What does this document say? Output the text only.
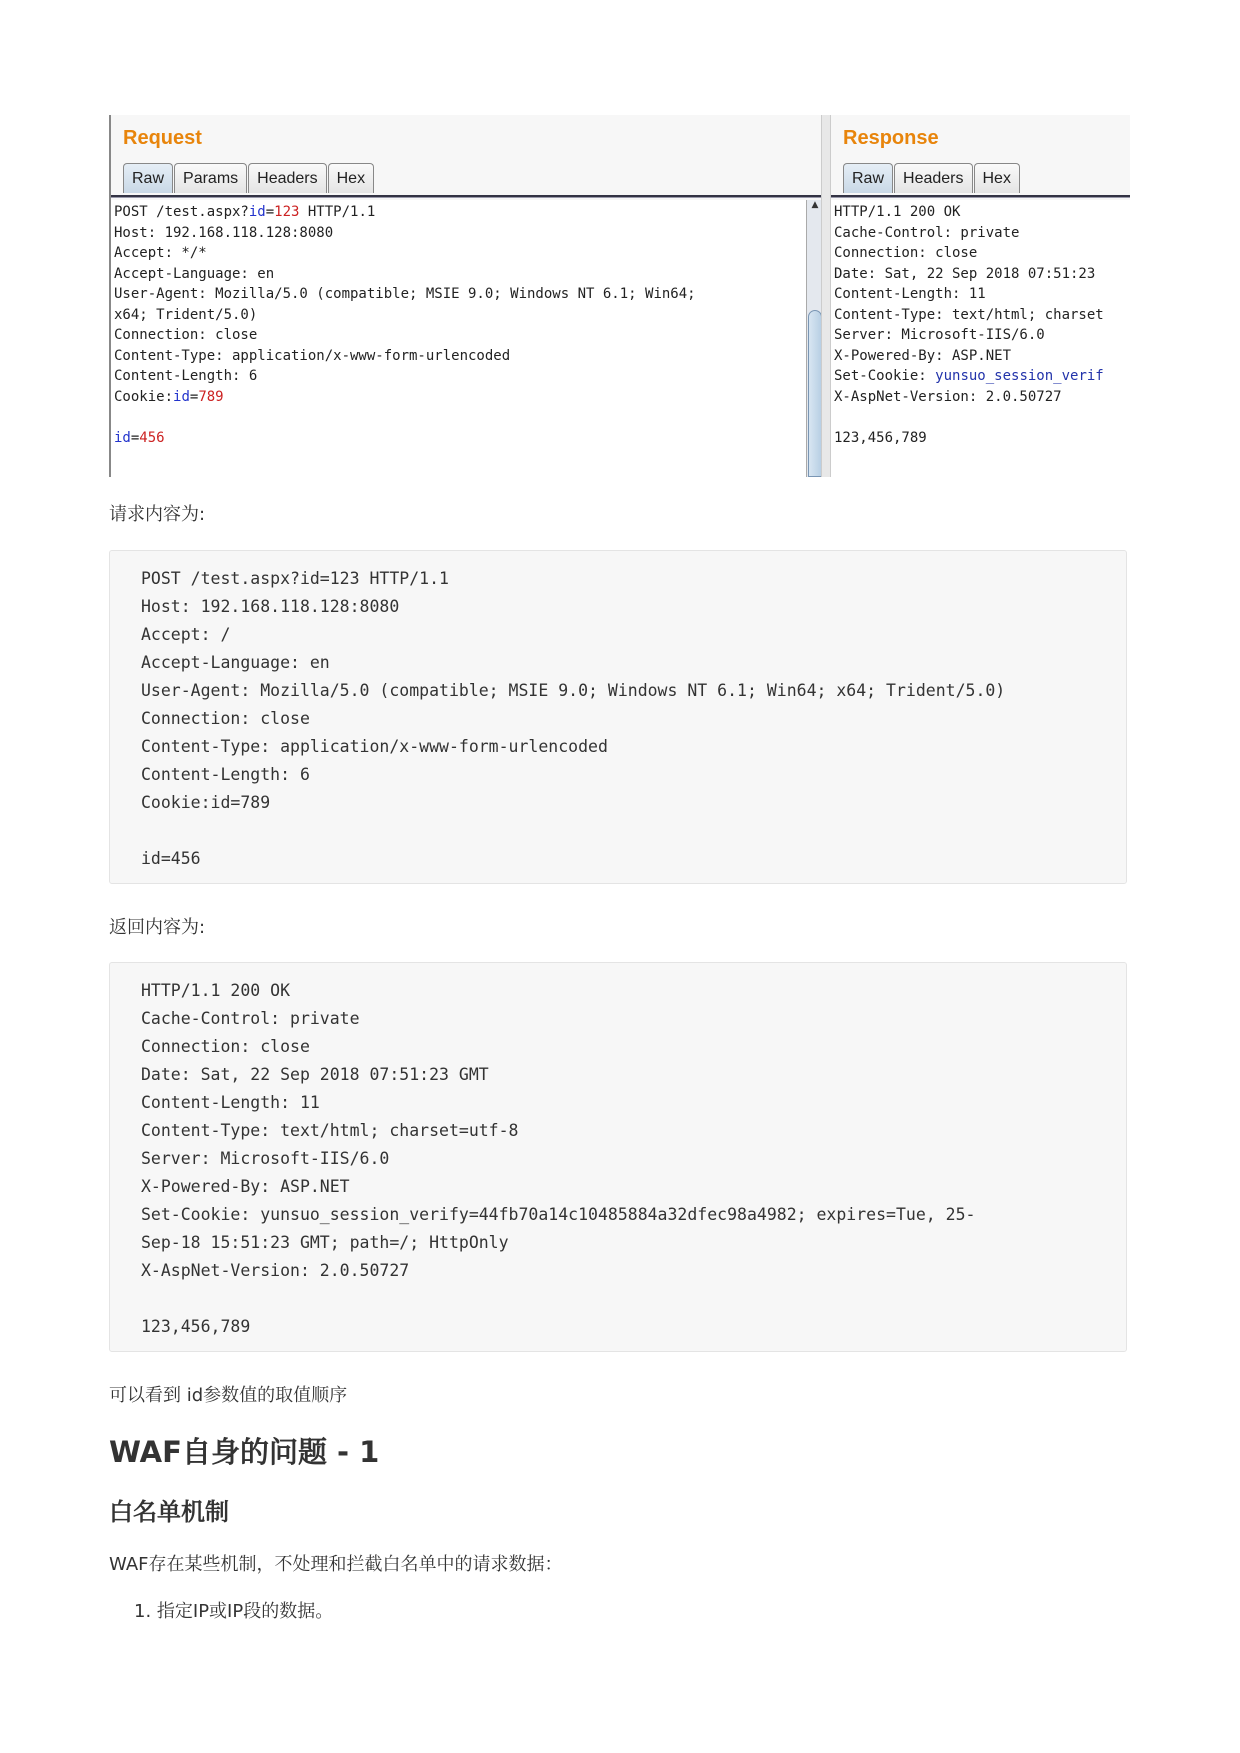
Request
Raw	Params	Headers	Hex
POST /test.aspx?id=123 HTTP/1.1
Host: 192.168.118.128:8080
Accept: */*
Accept-Language: en
User-Agent: Mozilla/5.0 (compatible; MSIE 9.0; Windows NT 6.1; Win64;
x64; Trident/5.0)
Connection: close
Content-Type: application/x-www-form-urlencoded
Content-Length: 6
Cookie:id=789
id=456
▲
Response
Raw	Headers	Hex
HTTP/1.1 200 OK
Cache-Control: private
Connection: close
Date: Sat, 22 Sep 2018 07:51:23
Content-Length: 11
Content-Type: text/html; charset
Server: Microsoft-IIS/6.0
X-Powered-By: ASP.NET
Set-Cookie: yunsuo_session_verif
X-AspNet-Version: 2.0.50727
123,456,789
请求内容为:
POST /test.aspx?id=123 HTTP/1.1
Host: 192.168.118.128:8080
Accept: /
Accept-Language: en
User-Agent: Mozilla/5.0 (compatible; MSIE 9.0; Windows NT 6.1; Win64; x64; Trident/5.0)
Connection: close
Content-Type: application/x-www-form-urlencoded
Content-Length: 6
Cookie:id=789
id=456
返回内容为:
HTTP/1.1 200 OK
Cache-Control: private
Connection: close
Date: Sat, 22 Sep 2018 07:51:23 GMT
Content-Length: 11
Content-Type: text/html; charset=utf-8
Server: Microsoft-IIS/6.0
X-Powered-By: ASP.NET
Set-Cookie: yunsuo_session_verify=44fb70a14c10485884a32dfec98a4982; expires=Tue, 25-
Sep-18 15:51:23 GMT; path=/; HttpOnly
X-AspNet-Version: 2.0.50727
123,456,789
可以看到 id参数值的取值顺序
WAF自身的问题 - 1
白名单机制
WAF存在某些机制，不处理和拦截白名单中的请求数据：
1. 指定IP或IP段的数据。
